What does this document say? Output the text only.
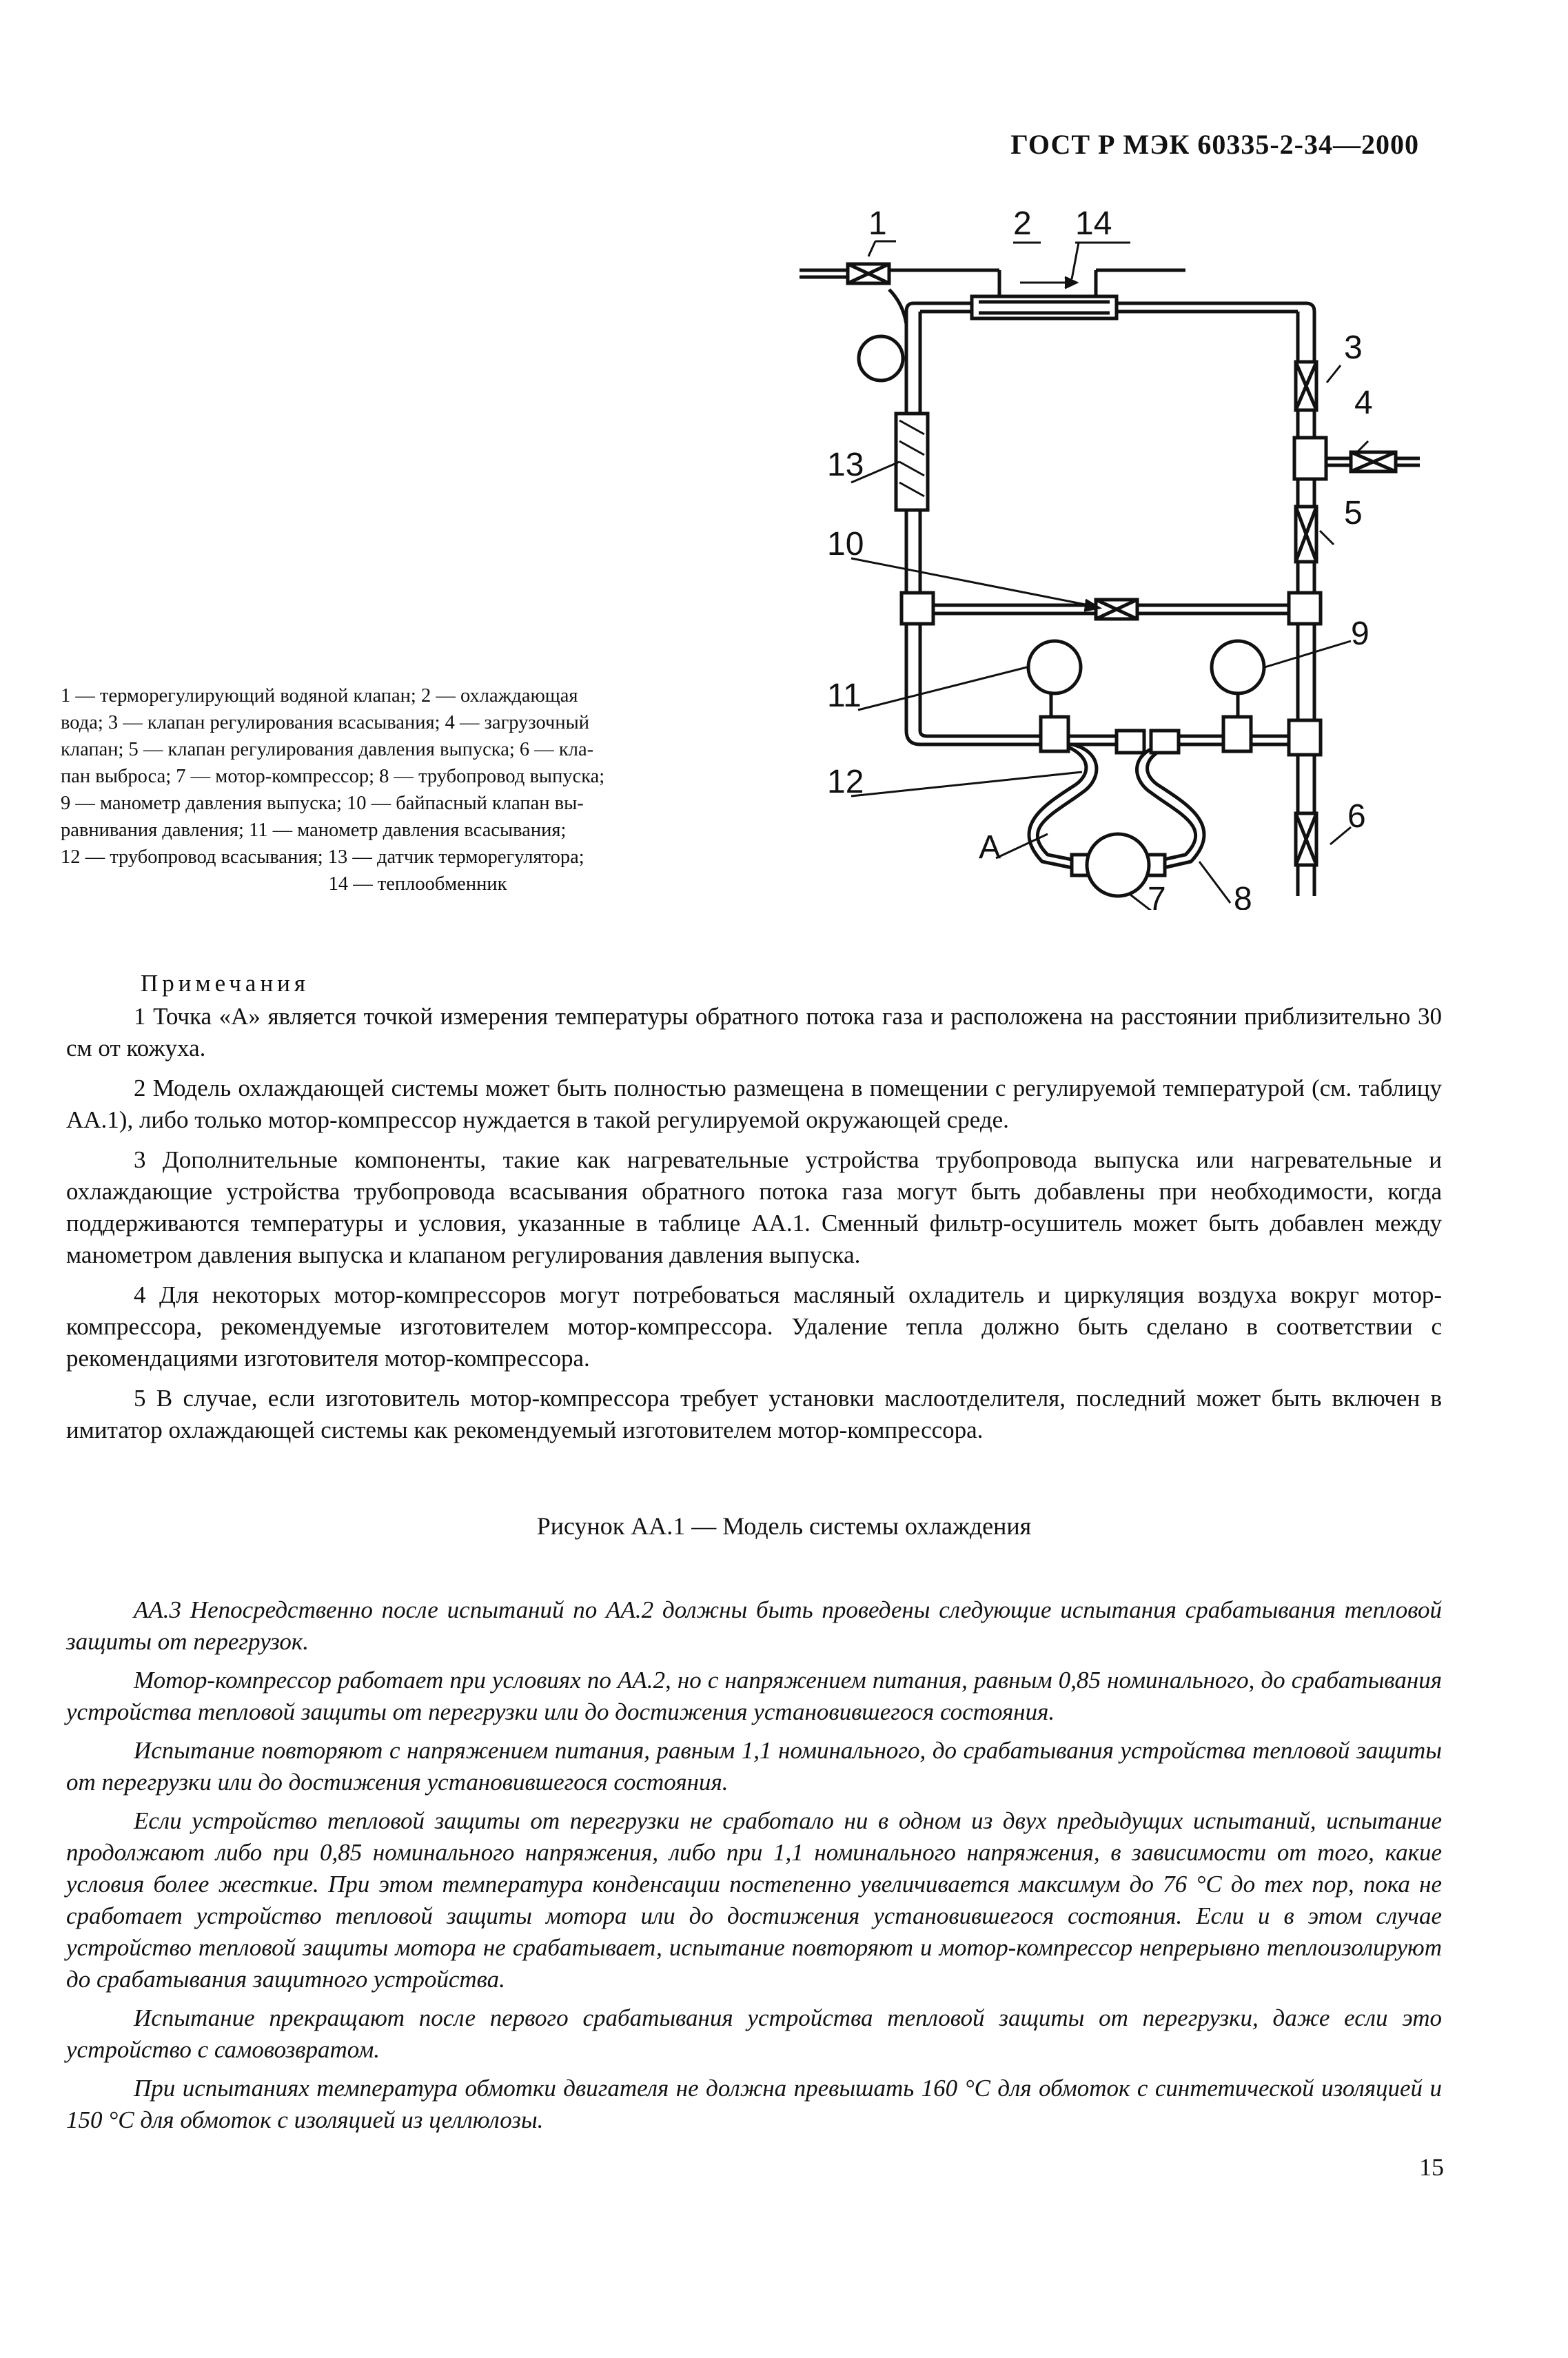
ГОСТ Р МЭК 60335-2-34—2000
1 — терморегулирующий водяной клапан; 2 — охлаждающая
вода; 3 — клапан регулирования всасывания; 4 — загрузочный
клапан; 5 — клапан регулирования давления выпуска; 6 — кла-
пан выброса; 7 — мотор-компрессор; 8 — трубопровод выпуска;
9 — манометр давления выпуска; 10 — байпасный клапан вы-
равнивания давления; 11 — манометр давления всасывания;
12 — трубопровод всасывания; 13 — датчик терморегулятора;
14 — теплообменник
1	2 14
3
4
13
5
10
9
11
12
6
A
7 8
Примечания

1 Точка «А» является точкой измерения температуры обратного потока газа и расположена на расстоянии приблизительно 30 см от кожуха.

2 Модель охлаждающей системы может быть полностью размещена в помещении с регулируемой температурой (см. таблицу АА.1), либо только мотор-компрессор нуждается в такой регулируемой окружающей среде.

3 Дополнительные компоненты, такие как нагревательные устройства трубопровода выпуска или нагревательные и охлаждающие устройства трубопровода всасывания обратного потока газа могут быть добавлены при необходимости, когда поддерживаются температуры и условия, указанные в таблице АА.1. Сменный фильтр-осушитель может быть добавлен между манометром давления выпуска и клапаном регулирования давления выпуска.

4 Для некоторых мотор-компрессоров могут потребоваться масляный охладитель и циркуляция воздуха вокруг мотор-компрессора, рекомендуемые изготовителем мотор-компрессора. Удаление тепла должно быть сделано в соответствии с рекомендациями изготовителя мотор-компрессора.

5 В случае, если изготовитель мотор-компрессора требует установки маслоотделителя, последний может быть включен в имитатор охлаждающей системы как рекомендуемый изготовителем мотор-компрессора.

Рисунок АА.1 — Модель системы охлаждения

АА.3 Непосредственно после испытаний по АА.2 должны быть проведены следующие испытания срабатывания тепловой защиты от перегрузок.

Мотор-компрессор работает при условиях по АА.2, но с напряжением питания, равным 0,85 номинального, до срабатывания устройства тепловой защиты от перегрузки или до достижения установившегося состояния.

Испытание повторяют с напряжением питания, равным 1,1 номинального, до срабатывания устройства тепловой защиты от перегрузки или до достижения установившегося состояния.

Если устройство тепловой защиты от перегрузки не сработало ни в одном из двух предыдущих испытаний, испытание продолжают либо при 0,85 номинального напряжения, либо при 1,1 номинального напряжения, в зависимости от того, какие условия более жесткие. При этом температура конденсации постепенно увеличивается максимум до 76 °С до тех пор, пока не сработает устройство тепловой защиты мотора или до достижения установившегося состояния. Если и в этом случае устройство тепловой защиты мотора не срабатывает, испытание повторяют и мотор-компрессор непрерывно теплоизолируют до срабатывания защитного устройства.

Испытание прекращают после первого срабатывания устройства тепловой защиты от перегрузки, даже если это устройство с самовозвратом.

При испытаниях температура обмотки двигателя не должна превышать 160 °С для обмоток с синтетической изоляцией и 150 °С для обмоток с изоляцией из целлюлозы.

15
